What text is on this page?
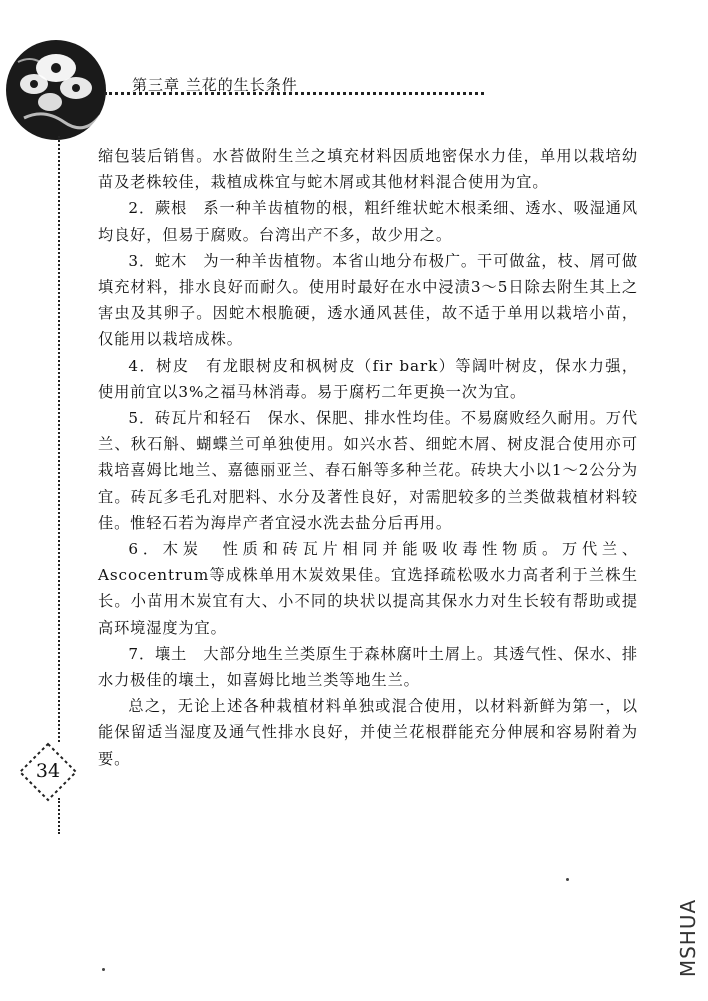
第三章 兰花的生长条件
34

缩包装后销售。水苔做附生兰之填充材料因质地密保水力佳，单用以栽培幼苗及老株较佳，栽植成株宜与蛇木屑或其他材料混合使用为宜。

2．蕨根　系一种羊齿植物的根，粗纤维状蛇木根柔细、透水、吸湿通风均良好，但易于腐败。台湾出产不多，故少用之。

3．蛇木　为一种羊齿植物。本省山地分布极广。干可做盆，枝、屑可做填充材料，排水良好而耐久。使用时最好在水中浸渍3～5日除去附生其上之害虫及其卵子。因蛇木根脆硬，透水通风甚佳，故不适于单用以栽培小苗，仅能用以栽培成株。

4．树皮　有龙眼树皮和枫树皮（fir bark）等阔叶树皮，保水力强，使用前宜以3%之福马林消毒。易于腐朽二年更换一次为宜。

5．砖瓦片和轻石　保水、保肥、排水性均佳。不易腐败经久耐用。万代兰、秋石斛、蝴蝶兰可单独使用。如兴水苔、细蛇木屑、树皮混合使用亦可栽培喜姆比地兰、嘉德丽亚兰、春石斛等多种兰花。砖块大小以1～2公分为宜。砖瓦多毛孔对肥料、水分及著性良好，对需肥较多的兰类做栽植材料较佳。惟轻石若为海岸产者宜浸水洗去盐分后再用。

6．木炭　性质和砖瓦片相同并能吸收毒性物质。万代兰、Ascocentrum等成株单用木炭效果佳。宜选择疏松吸水力高者利于兰株生长。小苗用木炭宜有大、小不同的块状以提高其保水力对生长较有帮助或提高环境湿度为宜。

7．壤土　大部分地生兰类原生于森林腐叶土屑上。其透气性、保水、排水力极佳的壤土，如喜姆比地兰类等地生兰。

总之，无论上述各种栽植材料单独或混合使用，以材料新鲜为第一，以能保留适当湿度及通气性排水良好，并使兰花根群能充分伸展和容易附着为要。

MSHUA
